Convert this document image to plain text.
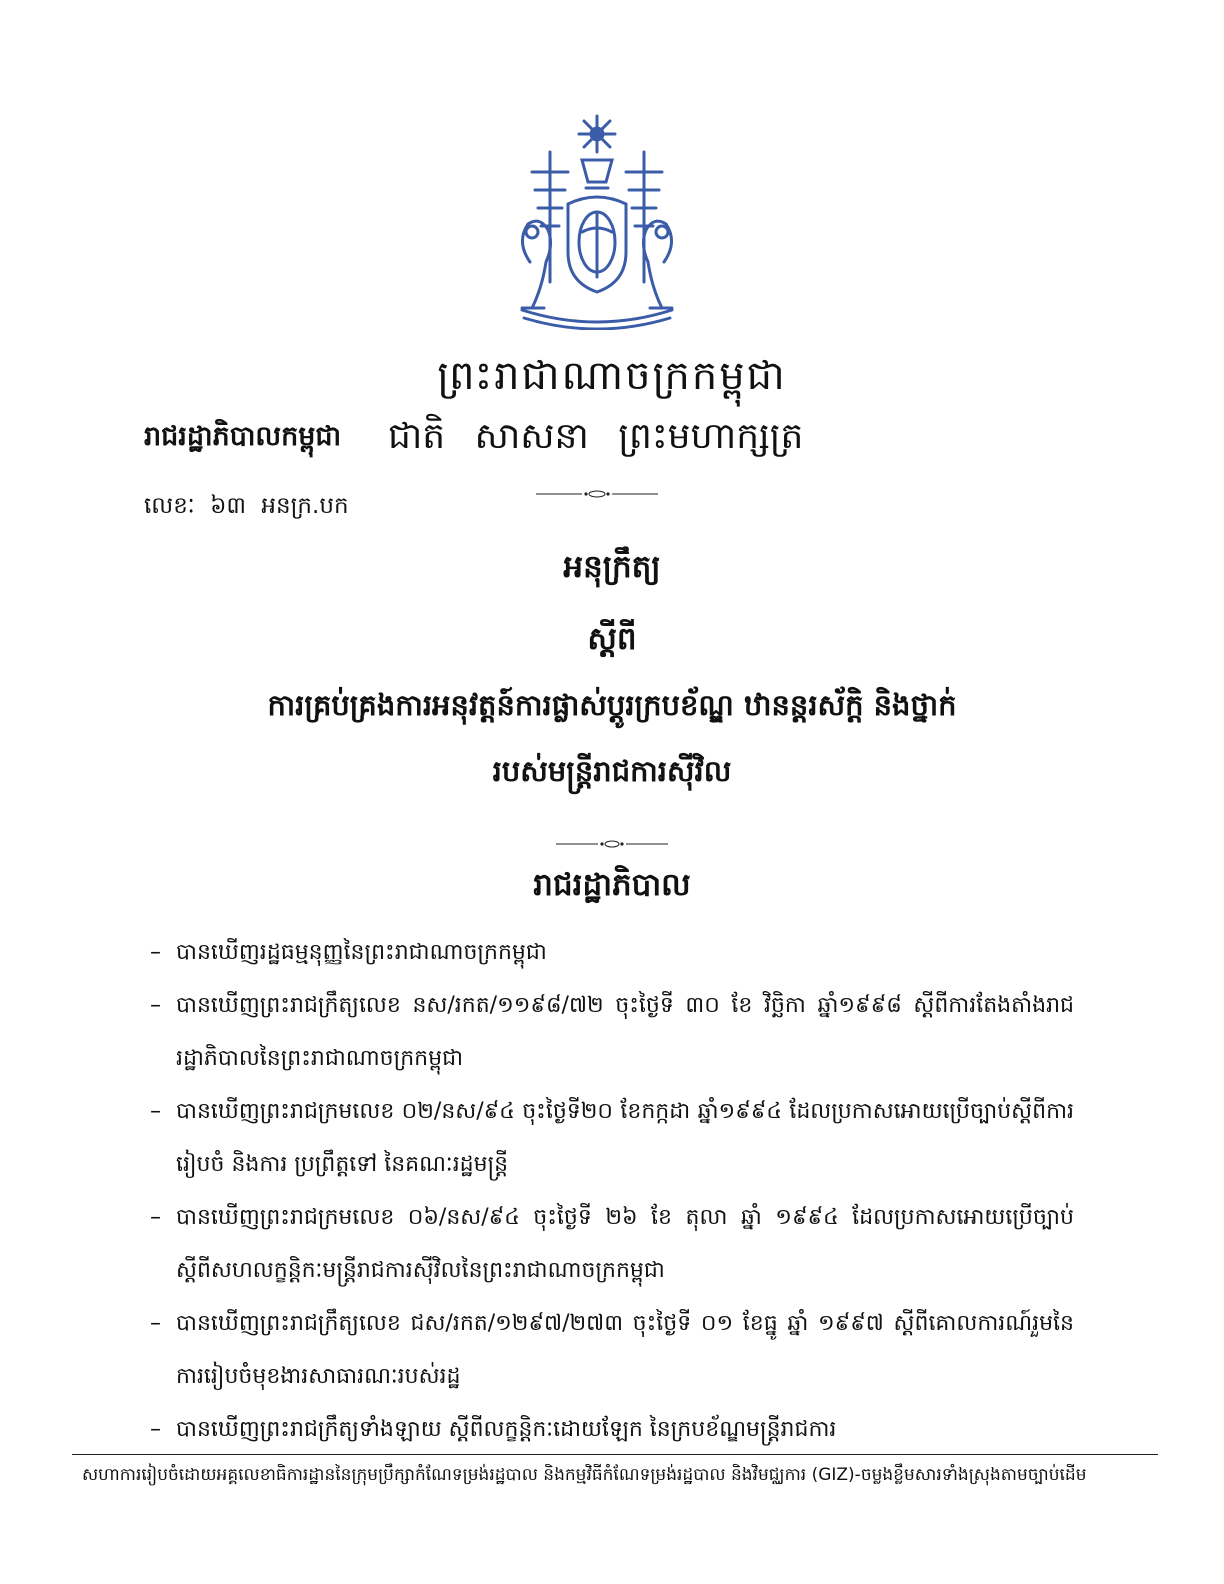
ព្រះរាជាណាចក្រកម្ពុជា
រាជរដ្ឋាភិបាលកម្ពុជា ជាតិ សាសនា ព្រះមហាក្សត្រ
លេខៈ ៦៣ អនក្រ.បក
អនុក្រឹត្យ
ស្ដីពី
ការគ្រប់គ្រងការអនុវត្តន៍ការផ្លាស់ប្ដូរក្របខ័ណ្ឌ ឋានន្តរស័ក្តិ និងថ្នាក់
របស់មន្ត្រីរាជការស៊ីវិល
រាជរដ្ឋាភិបាល
– បានឃើញរដ្ឋធម្មនុញ្ញនៃព្រះរាជាណាចក្រកម្ពុជា
– បានឃើញព្រះរាជក្រឹត្យលេខ នស/រកត/១១៩៨/៧២ ចុះថ្ងៃទី ៣០ ខែ វិច្ឆិកា ឆ្នាំ១៩៩៨ ស្ដីពីការតែងតាំងរាជរដ្ឋាភិបាលនៃព្រះរាជាណាចក្រកម្ពុជា
– បានឃើញព្រះរាជក្រមលេខ ០២/នស/៩៤ ចុះថ្ងៃទី២០ ខែកក្កដា ឆ្នាំ១៩៩៤ ដែលប្រកាសអោយប្រើច្បាប់ស្ដីពីការរៀបចំ និងការ ប្រព្រឹត្តទៅ នៃគណៈរដ្ឋមន្ត្រី
– បានឃើញព្រះរាជក្រមលេខ ០៦/នស/៩៤ ចុះថ្ងៃទី ២៦ ខែ តុលា ឆ្នាំ ១៩៩៤ ដែលប្រកាសអោយប្រើច្បាប់ស្ដីពីសហលក្ខន្តិកៈមន្ត្រីរាជការស៊ីវិលនៃព្រះរាជាណាចក្រកម្ពុជា
– បានឃើញព្រះរាជក្រឹត្យលេខ ជស/រកត/១២៩៧/២៧៣ ចុះថ្ងៃទី ០១ ខែធ្នូ ឆ្នាំ ១៩៩៧ ស្ដីពីគោលការណ៍រួមនៃការរៀបចំមុខងារសាធារណៈរបស់រដ្ឋ
– បានឃើញព្រះរាជក្រឹត្យទាំងឡាយ ស្ដីពីលក្ខន្តិកៈដោយឡែក នៃក្របខ័ណ្ឌមន្ត្រីរាជការ
សហាការរៀបចំដោយអគ្គលេខាធិការដ្ឋាននៃក្រុមប្រឹក្សាកំណែទម្រង់រដ្ឋបាល និងកម្មវិធីកំណែទម្រង់រដ្ឋបាល និងវិមជ្ឈការ (GIZ)-ចម្លងខ្លឹមសារទាំងស្រុងតាមច្បាប់ដើម
